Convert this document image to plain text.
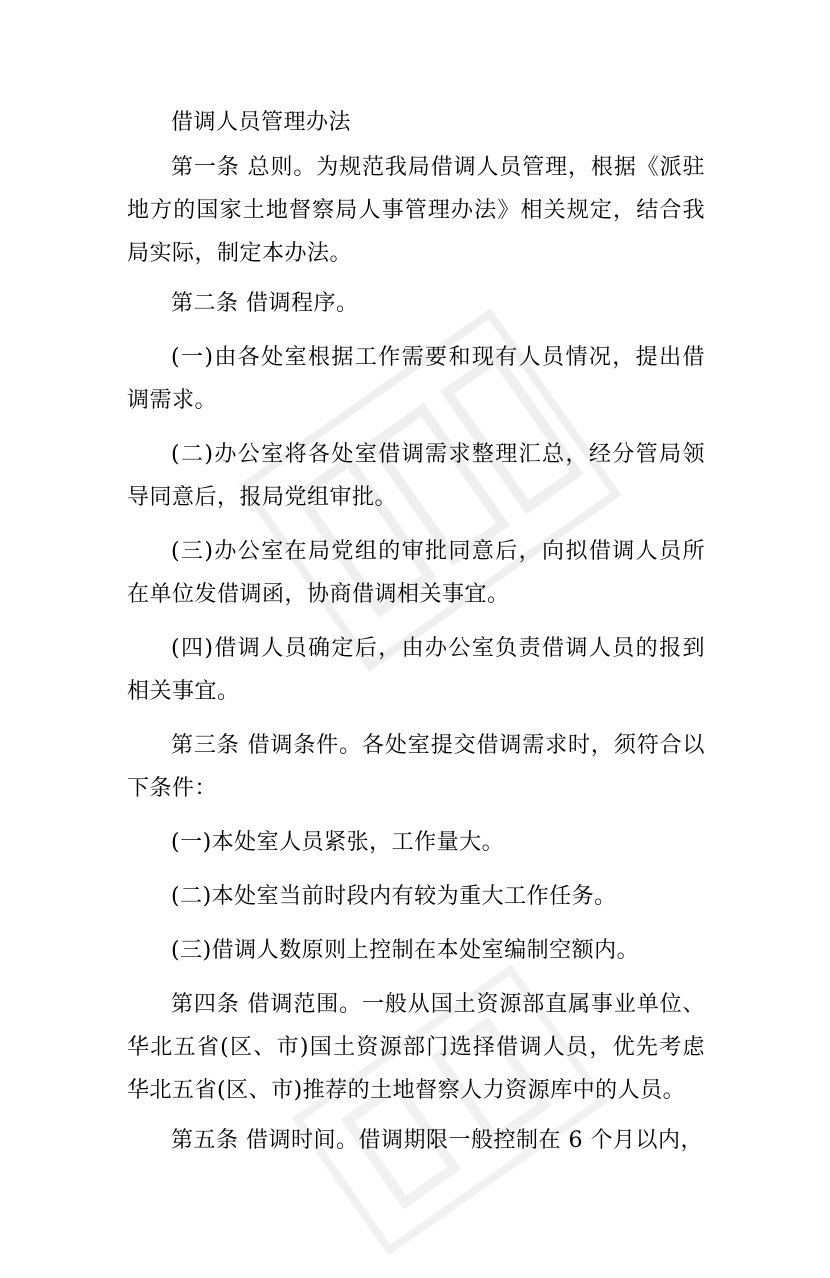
借调人员管理办法

第一条 总则。为规范我局借调人员管理，根据《派驻地方的国家土地督察局人事管理办法》相关规定，结合我局实际，制定本办法。

第二条 借调程序。

(一)由各处室根据工作需要和现有人员情况，提出借调需求。

(二)办公室将各处室借调需求整理汇总，经分管局领导同意后，报局党组审批。

(三)办公室在局党组的审批同意后，向拟借调人员所在单位发借调函，协商借调相关事宜。

(四)借调人员确定后，由办公室负责借调人员的报到相关事宜。

第三条 借调条件。各处室提交借调需求时，须符合以下条件：

(一)本处室人员紧张，工作量大。

(二)本处室当前时段内有较为重大工作任务。

(三)借调人数原则上控制在本处室编制空额内。

第四条 借调范围。一般从国土资源部直属事业单位、华北五省(区、市)国土资源部门选择借调人员，优先考虑华北五省(区、市)推荐的土地督察人力资源库中的人员。

第五条 借调时间。借调期限一般控制在 6 个月以内，
